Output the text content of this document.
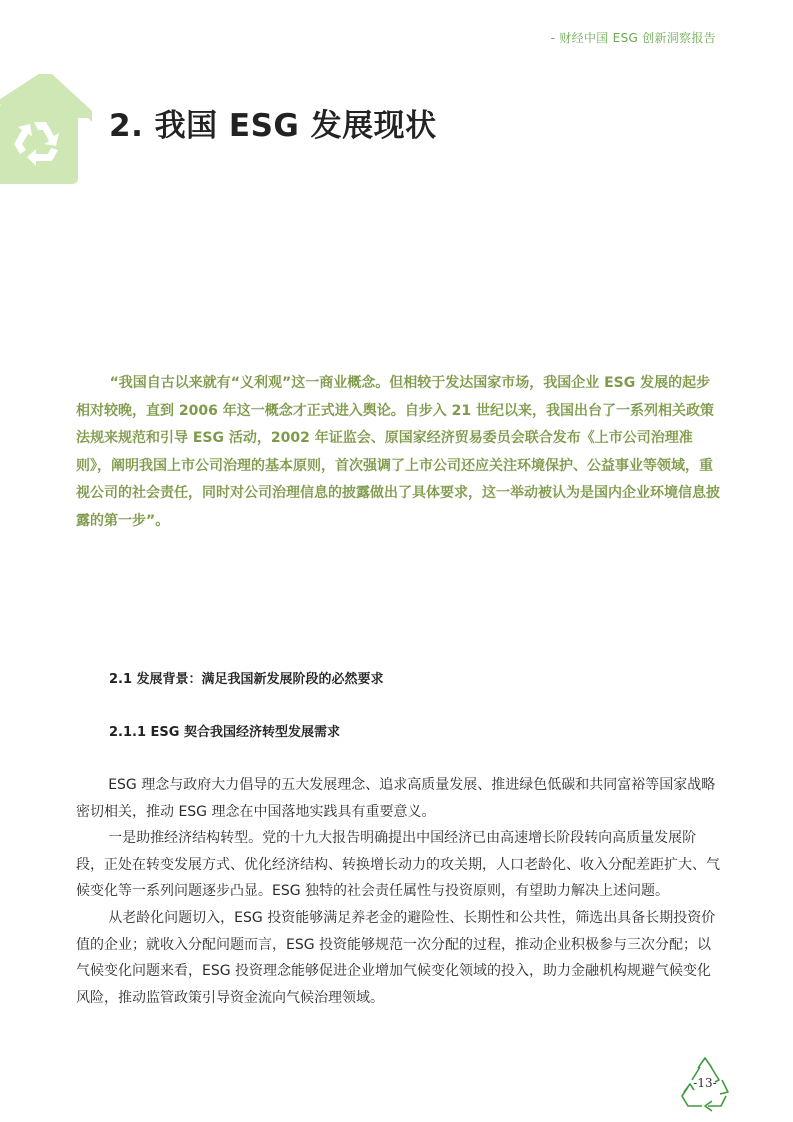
- 财经中国 ESG 创新洞察报告
2. 我国 ESG 发展现状

“我国自古以来就有“义利观”这一商业概念。但相较于发达国家市场，我国企业 ESG 发展的起步相对较晚，直到 2006 年这一概念才正式进入舆论。自步入 21 世纪以来，我国出台了一系列相关政策法规来规范和引导 ESG 活动，2002 年证监会、原国家经济贸易委员会联合发布《上市公司治理准则》，阐明我国上市公司治理的基本原则，首次强调了上市公司还应关注环境保护、公益事业等领域，重视公司的社会责任，同时对公司治理信息的披露做出了具体要求，这一举动被认为是国内企业环境信息披露的第一步”。

2.1 发展背景：满足我国新发展阶段的必然要求
2.1.1 ESG 契合我国经济转型发展需求

ESG 理念与政府大力倡导的五大发展理念、追求高质量发展、推进绿色低碳和共同富裕等国家战略密切相关，推动 ESG 理念在中国落地实践具有重要意义。

一是助推经济结构转型。党的十九大报告明确提出中国经济已由高速增长阶段转向高质量发展阶段，正处在转变发展方式、优化经济结构、转换增长动力的攻关期，人口老龄化、收入分配差距扩大、气候变化等一系列问题逐步凸显。ESG 独特的社会责任属性与投资原则，有望助力解决上述问题。

从老龄化问题切入，ESG 投资能够满足养老金的避险性、长期性和公共性，筛选出具备长期投资价值的企业；就收入分配问题而言，ESG 投资能够规范一次分配的过程，推动企业积极参与三次分配；以气候变化问题来看，ESG 投资理念能够促进企业增加气候变化领域的投入，助力金融机构规避气候变化风险，推动监管政策引导资金流向气候治理领域。

-13-
